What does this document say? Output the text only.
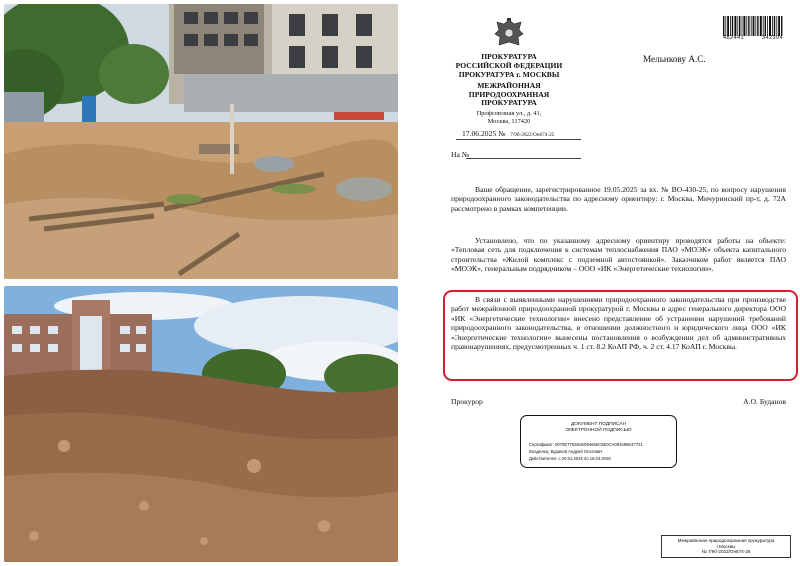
ПРОКУРАТУРА
РОССИЙСКОЙ ФЕДЕРАЦИИ
ПРОКУРАТУРА г. МОСКВЫ
МЕЖРАЙОННАЯ
ПРИРОДООХРАННАЯ
ПРОКУРАТУРА
Профсоюзная ул., д. 41,
Москва, 117420
17.06.2025 № 7/9б-2022/Он674-25
На №
Мельнкову А.С.
482441	342304
Ваше обращение, зарегистрированное 19.05.2025 за вх. № ВО-430-25, по вопросу нарушения природоохранного законодательства по адресному ориентиру: г. Москва, Мичуринский пр-т, д. 72А рассмотрено в рамках компетенции.
Установлено, что по указанному адресному ориентиру проводятся работы на объекте: «Тепловая сеть для подключения к системам теплоснабжения ПАО «МОЭК» объекта капитального строительства «Жилой комплекс с подземной автостоянкой». Заказчиком работ является ПАО «МОЭК», генеральным подрядчиком – ООО «ИК «Энергетические технологии».
В связи с выявленными нарушениями природоохранного законодательства при производстве работ межрайонной природоохранной прокуратурой г. Москвы в адрес генерального директора ООО «ИК «Энергетические технологии» внесено представление об устранении нарушений требований природоохранного законодательства, в отношении должностного и юридического лица ООО «ИК «Энергетические технологии» вынесены постановления о возбуждении дел об административных правонарушениях, предусмотренных ч. 1 ст. 8.2 КоАП РФ, ч. 2 ст. 4.17 КоАП г. Москвы.
Прокурор	А.О. Буданов
ДОКУМЕНТ ПОДПИСАН
ЭЛЕКТРОННОЙ ПОДПИСЬЮ
Сертификат: 0070E7763616D94665C5E0CA091080E47721
Владелец: Буданов Андрей Олегович
Действителен: с 20.01.2025 по 15.04.2026
Межрайонная природоохранная прокуратура
г.Москвы
№ 7/9б-2022/Он674-25
